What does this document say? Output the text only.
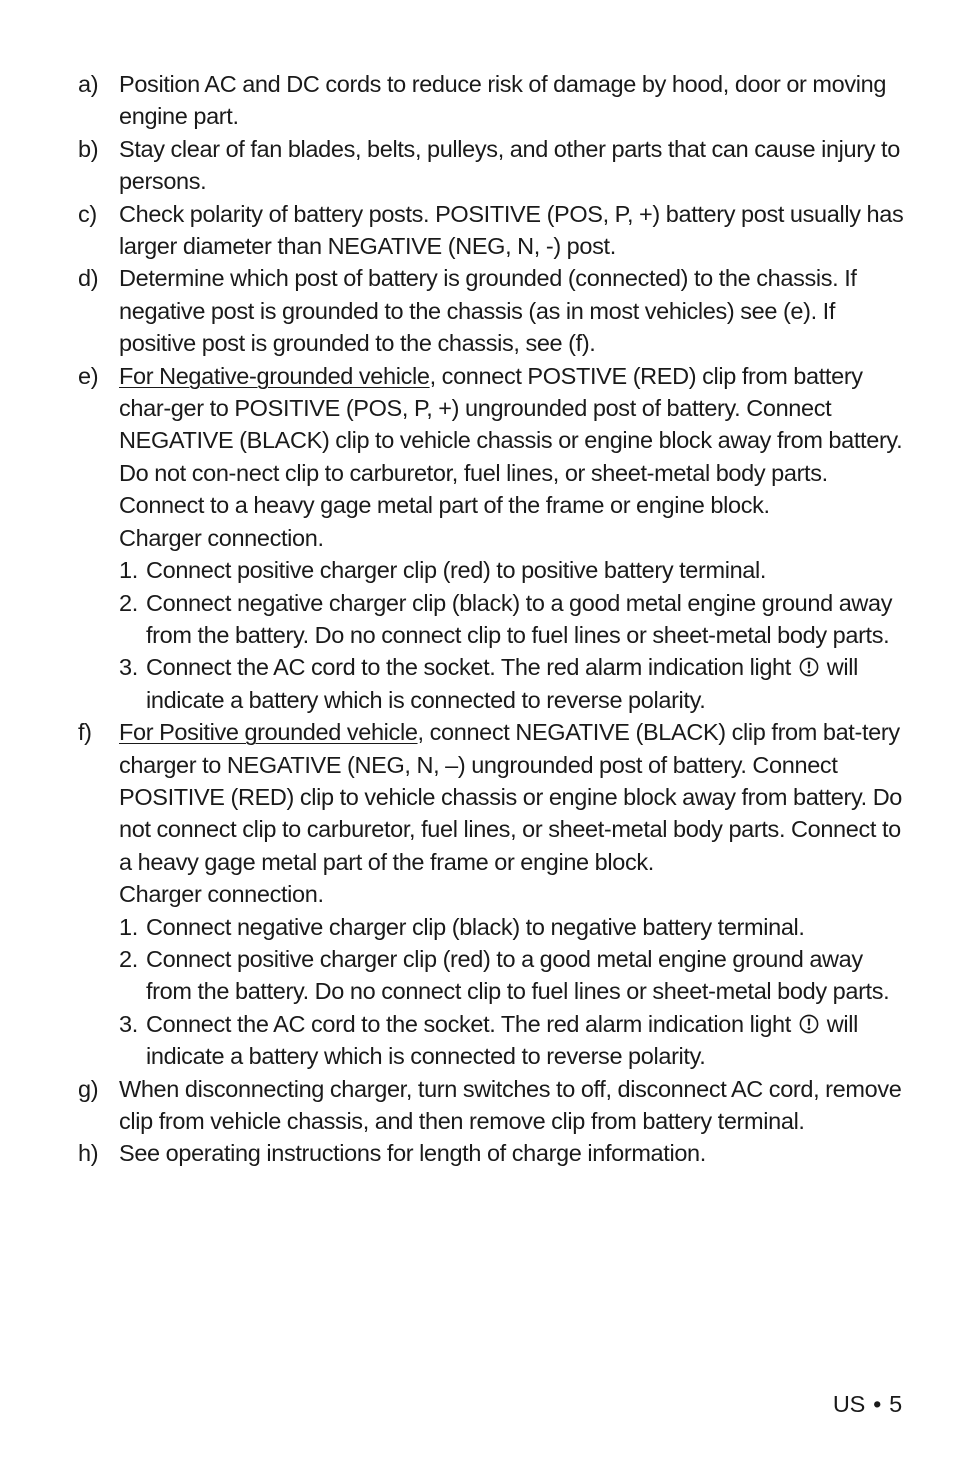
a) Position AC and DC cords to reduce risk of damage by hood, door or moving engine part.
b) Stay clear of fan blades, belts, pulleys, and other parts that can cause injury to persons.
c) Check polarity of battery posts. POSITIVE (POS, P, +) battery post usually has larger diameter than NEGATIVE (NEG, N, -) post.
d) Determine which post of battery is grounded (connected) to the chassis. If negative post is grounded to the chassis (as in most vehicles) see (e). If positive post is grounded to the chassis, see (f).
e) For Negative-grounded vehicle, connect POSTIVE (RED) clip from battery char-ger to POSITIVE (POS, P, +) ungrounded post of battery. Connect NEGATIVE (BLACK) clip to vehicle chassis or engine block away from battery. Do not con-nect clip to carburetor, fuel lines, or sheet-metal body parts. Connect to a heavy gage metal part of the frame or engine block.
Charger connection.
1. Connect positive charger clip (red) to positive battery terminal.
2. Connect negative charger clip (black) to a good metal engine ground away from the battery. Do no connect clip to fuel lines or sheet-metal body parts.
3. Connect the AC cord to the socket. The red alarm indication light will indicate a battery which is connected to reverse polarity.
f)	For Positive grounded vehicle, connect NEGATIVE (BLACK) clip from bat-tery charger to NEGATIVE (NEG, N, –) ungrounded post of battery. Connect POSITIVE (RED) clip to vehicle chassis or engine block away from battery. Do not connect clip to carburetor, fuel lines, or sheet-metal body parts. Connect to a heavy gage metal part of the frame or engine block.
Charger connection.
1. Connect negative charger clip (black) to negative battery terminal.
2. Connect positive charger clip (red) to a good metal engine ground away from the battery. Do no connect clip to fuel lines or sheet-metal body parts.
3. Connect the AC cord to the socket. The red alarm indication light will indicate a battery which is connected to reverse polarity.
g) When disconnecting charger, turn switches to off, disconnect AC cord, remove clip from vehicle chassis, and then remove clip from battery terminal.
h) See operating instructions for length of charge information.
US • 5
